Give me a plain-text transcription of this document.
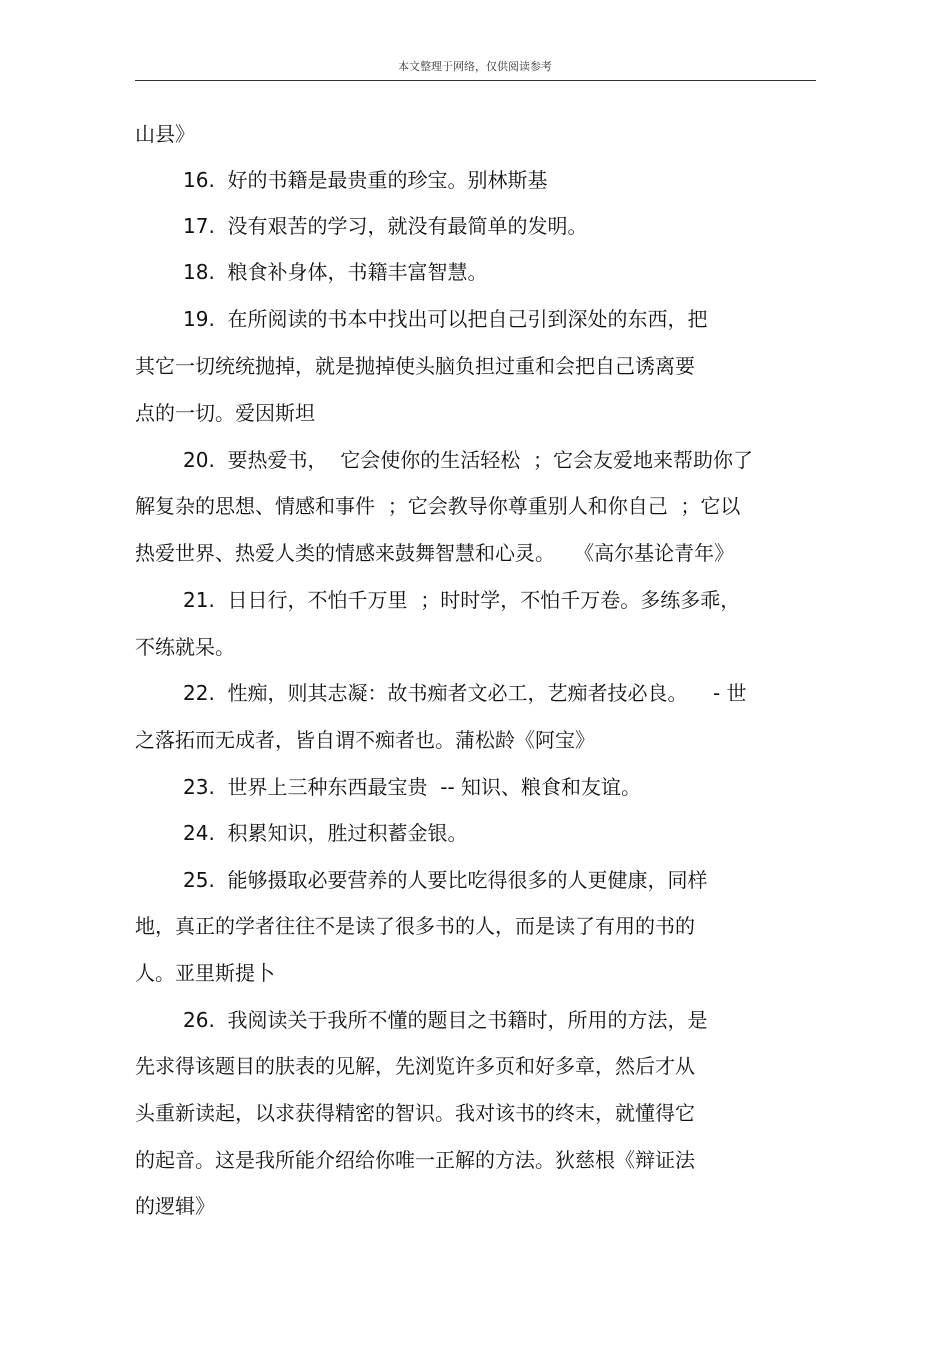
本文整理于网络，仅供阅读参考
山县》
16.  好的书籍是最贵重的珍宝。别林斯基
17.  没有艰苦的学习，就没有最简单的发明。
18.  粮食补身体，书籍丰富智慧。
19.  在所阅读的书本中找出可以把自己引到深处的东西，把
其它一切统统抛掉，就是抛掉使头脑负担过重和会把自己诱离要
点的一切。爱因斯坦
20.  要热爱书，  它会使你的生活轻松  ；它会友爱地来帮助你了
解复杂的思想、情感和事件  ；它会教导你尊重别人和你自己  ；它以
热爱世界、热爱人类的情感来鼓舞智慧和心灵。   《高尔基论青年》
21.  日日行，不怕千万里  ；时时学，不怕千万卷。多练多乖，
不练就呆。
22.  性痴，则其志凝：故书痴者文必工，艺痴者技必良。    - 世
之落拓而无成者，皆自谓不痴者也。蒲松龄《阿宝》
23.  世界上三种东西最宝贵  -- 知识、粮食和友谊。
24.  积累知识，胜过积蓄金银。
25.  能够摄取必要营养的人要比吃得很多的人更健康，同样
地，真正的学者往往不是读了很多书的人，而是读了有用的书的
人。亚里斯提卜
26.  我阅读关于我所不懂的题目之书籍时，所用的方法，是
先求得该题目的肤表的见解，先浏览许多页和好多章，然后才从
头重新读起，以求获得精密的智识。我对该书的终末，就懂得它
的起音。这是我所能介绍给你唯一正解的方法。狄慈根《辩证法
的逻辑》
